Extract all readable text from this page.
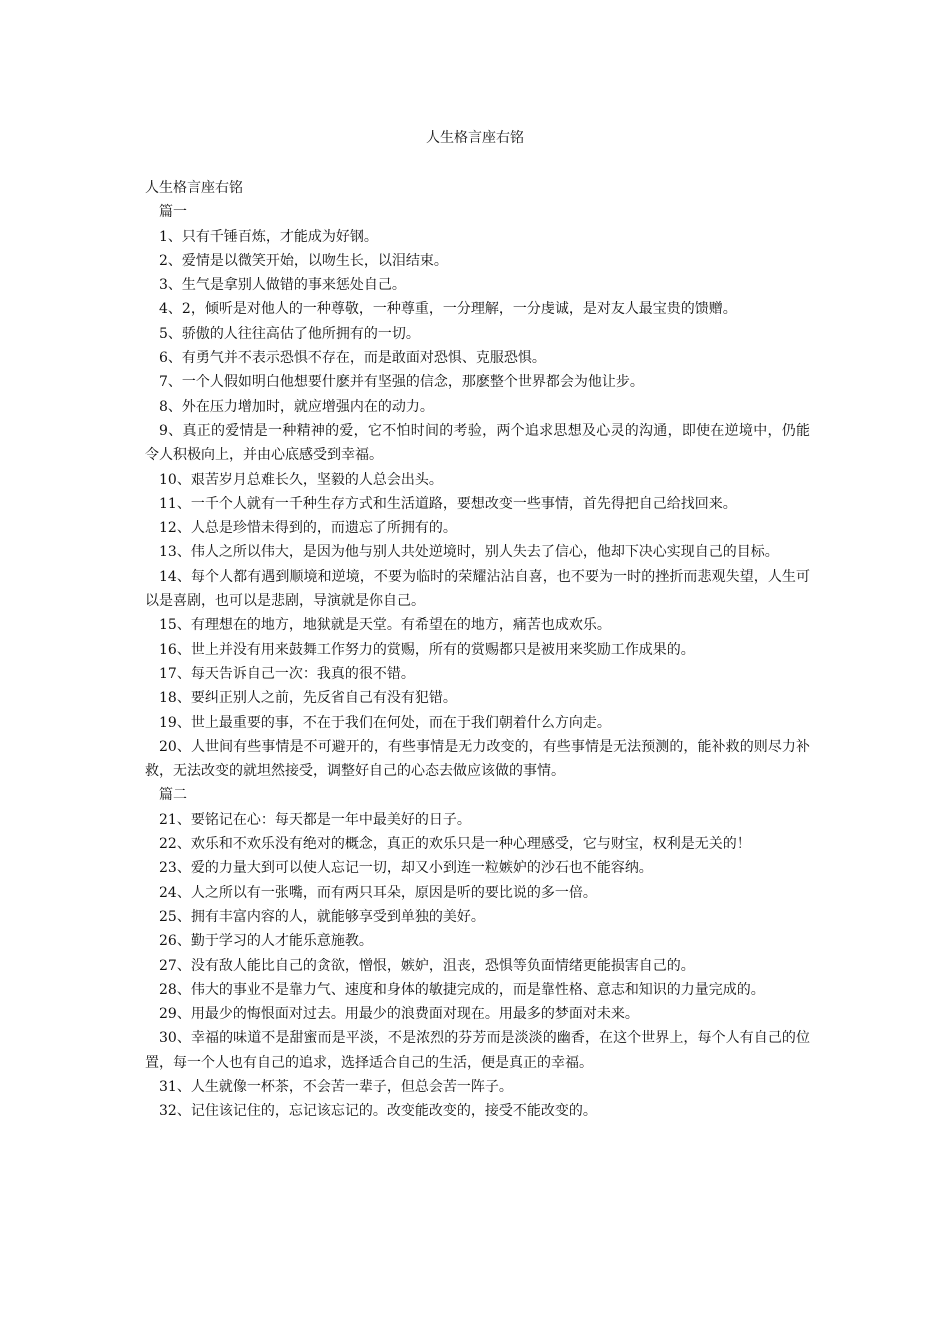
人生格言座右铭

人生格言座右铭

篇一

1、只有千锤百炼，才能成为好钢。

2、爱情是以微笑开始，以吻生长，以泪结束。

3、生气是拿别人做错的事来惩处自己。

4、2，倾听是对他人的一种尊敬，一种尊重，一分理解，一分虔诚，是对友人最宝贵的馈赠。

5、骄傲的人往往高估了他所拥有的一切。

6、有勇气并不表示恐惧不存在，而是敢面对恐惧、克服恐惧。

7、一个人假如明白他想要什麽并有坚强的信念，那麽整个世界都会为他让步。

8、外在压力增加时，就应增强内在的动力。

9、真正的爱情是一种精神的爱，它不怕时间的考验，两个追求思想及心灵的沟通，即使在逆境中，仍能令人积极向上，并由心底感受到幸福。

10、艰苦岁月总难长久，坚毅的人总会出头。

11、一千个人就有一千种生存方式和生活道路，要想改变一些事情，首先得把自己给找回来。

12、人总是珍惜未得到的，而遗忘了所拥有的。

13、伟人之所以伟大，是因为他与别人共处逆境时，别人失去了信心，他却下决心实现自己的目标。

14、每个人都有遇到顺境和逆境，不要为临时的荣耀沾沾自喜，也不要为一时的挫折而悲观失望，人生可以是喜剧，也可以是悲剧，导演就是你自己。

15、有理想在的地方，地狱就是天堂。有希望在的地方，痛苦也成欢乐。

16、世上并没有用来鼓舞工作努力的赏赐，所有的赏赐都只是被用来奖励工作成果的。

17、每天告诉自己一次：我真的很不错。

18、要纠正别人之前，先反省自己有没有犯错。

19、世上最重要的事，不在于我们在何处，而在于我们朝着什么方向走。

20、人世间有些事情是不可避开的，有些事情是无力改变的，有些事情是无法预测的，能补救的则尽力补救，无法改变的就坦然接受，调整好自己的心态去做应该做的事情。

篇二

21、要铭记在心：每天都是一年中最美好的日子。

22、欢乐和不欢乐没有绝对的概念，真正的欢乐只是一种心理感受，它与财宝，权利是无关的！

23、爱的力量大到可以使人忘记一切，却又小到连一粒嫉妒的沙石也不能容纳。

24、人之所以有一张嘴，而有两只耳朵，原因是听的要比说的多一倍。

25、拥有丰富内容的人，就能够享受到单独的美好。

26、勤于学习的人才能乐意施教。

27、没有敌人能比自己的贪欲，憎恨，嫉妒，沮丧，恐惧等负面情绪更能损害自己的。

28、伟大的事业不是靠力气、速度和身体的敏捷完成的，而是靠性格、意志和知识的力量完成的。

29、用最少的悔恨面对过去。用最少的浪费面对现在。用最多的梦面对未来。

30、幸福的味道不是甜蜜而是平淡，不是浓烈的芬芳而是淡淡的幽香，在这个世界上，每个人有自己的位置，每一个人也有自己的追求，选择适合自己的生活，便是真正的幸福。

31、人生就像一杯茶，不会苦一辈子，但总会苦一阵子。

32、记住该记住的，忘记该忘记的。改变能改变的，接受不能改变的。
